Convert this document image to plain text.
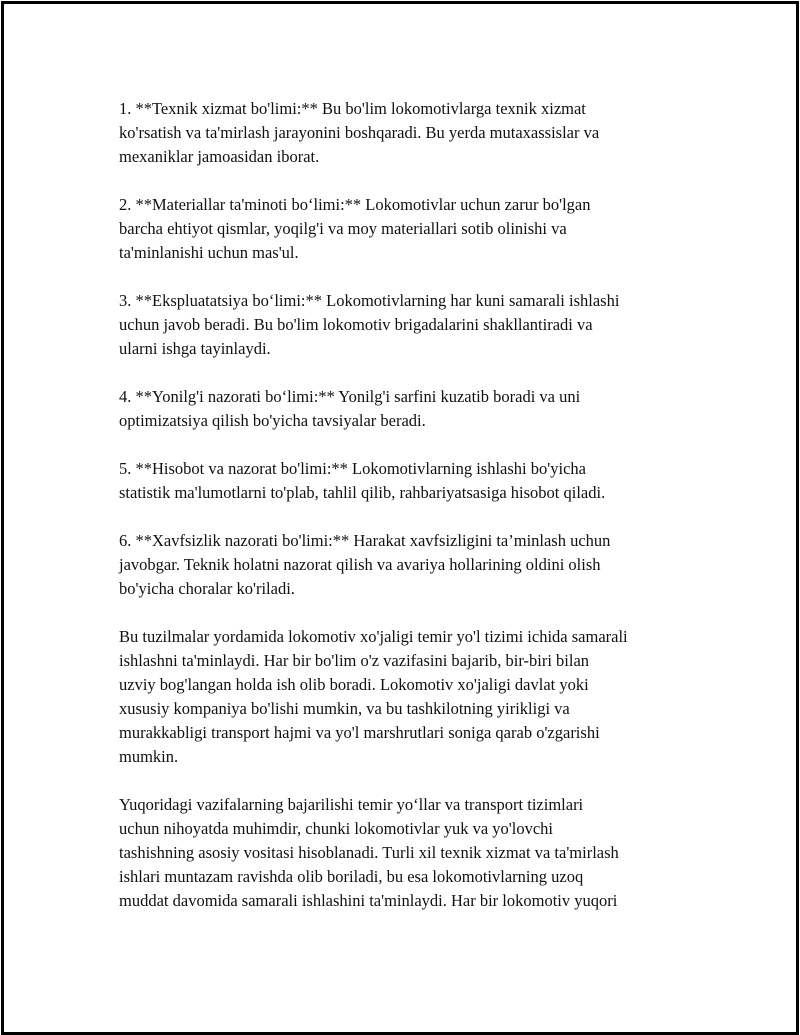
1. **Texnik xizmat bo'limi:** Bu bo'lim lokomotivlarga texnik xizmat
ko'rsatish va ta'mirlash jarayonini boshqaradi. Bu yerda mutaxassislar va
mexaniklar jamoasidan iborat.

2. **Materiallar ta'minoti bo‘limi:** Lokomotivlar uchun zarur bo'lgan
barcha ehtiyot qismlar, yoqilg'i va moy materiallari sotib olinishi va
ta'minlanishi uchun mas'ul.

3. **Ekspluatatsiya bo‘limi:** Lokomotivlarning har kuni samarali ishlashi
uchun javob beradi. Bu bo'lim lokomotiv brigadalarini shakllantiradi va
ularni ishga tayinlaydi.

4. **Yonilg'i nazorati bo‘limi:** Yonilg'i sarfini kuzatib boradi va uni
optimizatsiya qilish bo'yicha tavsiyalar beradi.

5. **Hisobot va nazorat bo'limi:** Lokomotivlarning ishlashi bo'yicha
statistik ma'lumotlarni to'plab, tahlil qilib, rahbariyatsasiga hisobot qiladi.

6. **Xavfsizlik nazorati bo'limi:** Harakat xavfsizligini ta’minlash uchun
javobgar. Teknik holatni nazorat qilish va avariya hollarining oldini olish
bo'yicha choralar ko'riladi.

Bu tuzilmalar yordamida lokomotiv xo'jaligi temir yo'l tizimi ichida samarali
ishlashni ta'minlaydi. Har bir bo'lim o'z vazifasini bajarib, bir-biri bilan
uzviy bog'langan holda ish olib boradi. Lokomotiv xo'jaligi davlat yoki
xususiy kompaniya bo'lishi mumkin, va bu tashkilotning yirikligi va
murakkabligi transport hajmi va yo'l marshrutlari soniga qarab o'zgarishi
mumkin.

Yuqoridagi vazifalarning bajarilishi temir yo‘llar va transport tizimlari
uchun nihoyatda muhimdir, chunki lokomotivlar yuk va yo'lovchi
tashishning asosiy vositasi hisoblanadi. Turli xil texnik xizmat va ta'mirlash
ishlari muntazam ravishda olib boriladi, bu esa lokomotivlarning uzoq
muddat davomida samarali ishlashini ta'minlaydi. Har bir lokomotiv yuqori
